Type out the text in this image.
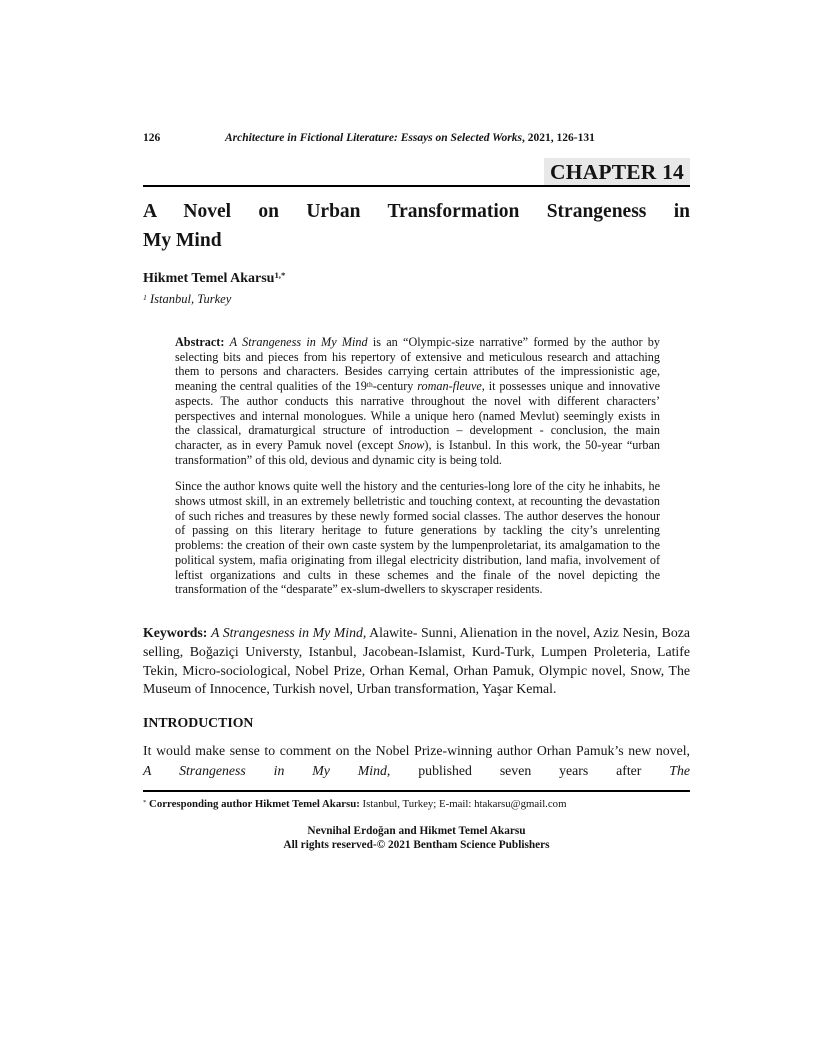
126	Architecture in Fictional Literature: Essays on Selected Works, 2021, 126-131
CHAPTER 14
A Novel on Urban Transformation Strangeness in
My Mind
Hikmet Temel Akarsu$^{1,*}$
$^1$ Istanbul, Turkey

Abstract: A Strangeness in My Mind is an “Olympic-size narrative” formed by the author by selecting bits and pieces from his repertory of extensive and meticulous research and attaching them to persons and characters. Besides carrying certain attributes of the impressionistic age, meaning the central qualities of the 19th-century roman-fleuve, it possesses unique and innovative aspects. The author conducts this narrative throughout the novel with different characters’ perspectives and internal monologues. While a unique hero (named Mevlut) seemingly exists in the classical, dramaturgical structure of introduction – development - conclusion, the main character, as in every Pamuk novel (except Snow), is Istanbul. In this work, the 50-year “urban transformation” of this old, devious and dynamic city is being told.

Since the author knows quite well the history and the centuries-long lore of the city he inhabits, he shows utmost skill, in an extremely belletristic and touching context, at recounting the devastation of such riches and treasures by these newly formed social classes. The author deserves the honour of passing on this literary heritage to future generations by tackling the city’s unrelenting problems: the creation of their own caste system by the lumpenproletariat, its amalgamation to the political system, mafia originating from illegal electricity distribution, land mafia, involvement of leftist organizations and cults in these schemes and the finale of the novel depicting the transformation of the “desparate” ex-slum-dwellers to skyscraper residents.

Keywords: A Strangesness in My Mind, Alawite- Sunni, Alienation in the novel, Aziz Nesin, Boza selling, Boğaziçi Universty, Istanbul, Jacobean-Islamist, Kurd-Turk, Lumpen Proleteria, Latife Tekin, Micro-sociological, Nobel Prize, Orhan Kemal, Orhan Pamuk, Olympic novel, Snow, The Museum of Innocence, Turkish novel, Urban transformation, Yaşar Kemal.

INTRODUCTION

It would make sense to comment on the Nobel Prize-winning author Orhan Pamuk’s new novel, A Strangeness in My Mind, published seven years after The

* Corresponding author Hikmet Temel Akarsu: Istanbul, Turkey; E-mail: htakarsu@gmail.com
Nevnihal Erdoğan and Hikmet Temel Akarsu
All rights reserved-© 2021 Bentham Science Publishers
